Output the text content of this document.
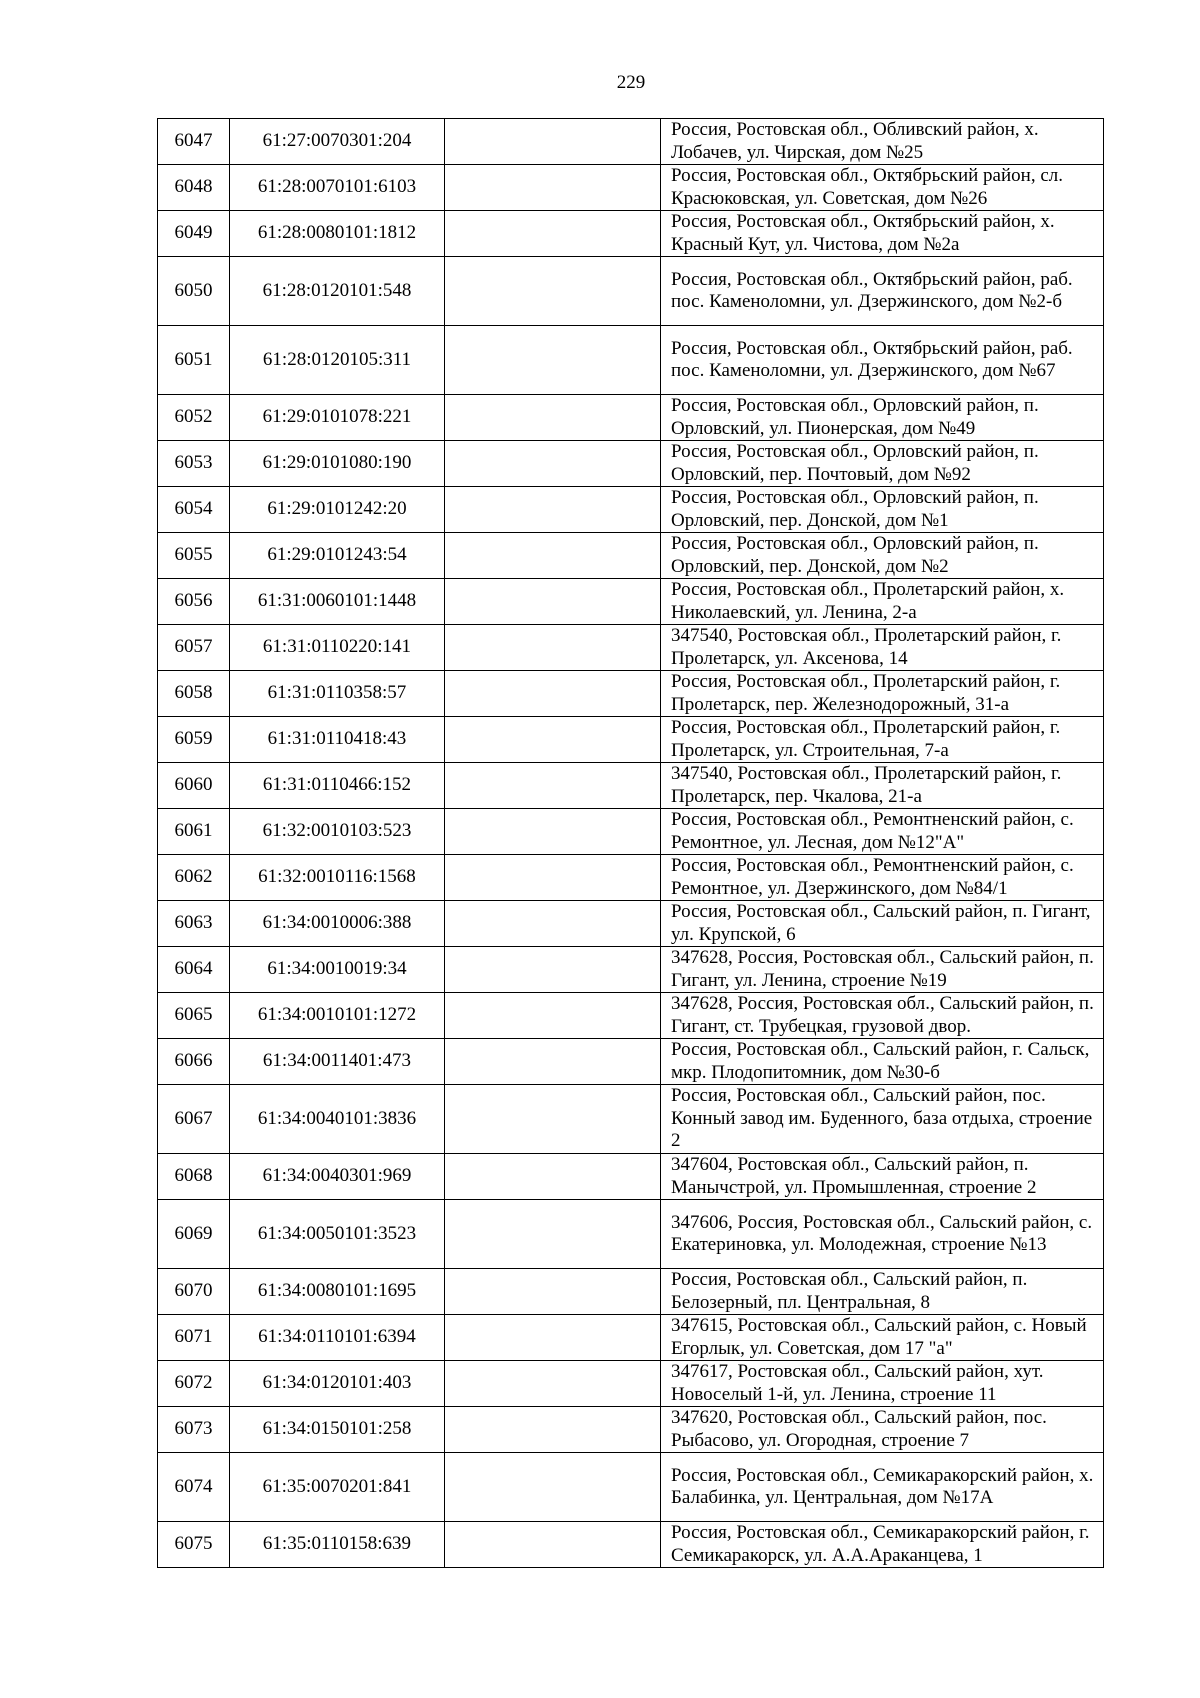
229
6047	61:27:0070301:204		Россия, Ростовская обл., Обливский район, х. Лобачев, ул. Чирская, дом №25
6048	61:28:0070101:6103		Россия, Ростовская обл., Октябрьский район, сл. Красюковская, ул. Советская, дом №26
6049	61:28:0080101:1812		Россия, Ростовская обл., Октябрьский район, х. Красный Кут, ул. Чистова, дом №2а
6050	61:28:0120101:548		Россия, Ростовская обл., Октябрьский район, раб. пос. Каменоломни, ул. Дзержинского, дом №2-б
6051	61:28:0120105:311		Россия, Ростовская обл., Октябрьский район, раб. пос. Каменоломни, ул. Дзержинского, дом №67
6052	61:29:0101078:221		Россия, Ростовская обл., Орловский район, п. Орловский, ул. Пионерская, дом №49
6053	61:29:0101080:190		Россия, Ростовская обл., Орловский район, п. Орловский, пер. Почтовый, дом №92
6054	61:29:0101242:20		Россия, Ростовская обл., Орловский район, п. Орловский, пер. Донской, дом №1
6055	61:29:0101243:54		Россия, Ростовская обл., Орловский район, п. Орловский, пер. Донской, дом №2
6056	61:31:0060101:1448		Россия, Ростовская обл., Пролетарский район, х. Николаевский, ул. Ленина, 2-а
6057	61:31:0110220:141		347540, Ростовская обл., Пролетарский район, г. Пролетарск, ул. Аксенова, 14
6058	61:31:0110358:57		Россия, Ростовская обл., Пролетарский район, г. Пролетарск, пер. Железнодорожный, 31-а
6059	61:31:0110418:43		Россия, Ростовская обл., Пролетарский район, г. Пролетарск, ул. Строительная, 7-а
6060	61:31:0110466:152		347540, Ростовская обл., Пролетарский район, г. Пролетарск, пер. Чкалова, 21-а
6061	61:32:0010103:523		Россия, Ростовская обл., Ремонтненский район, с. Ремонтное, ул. Лесная, дом №12"А"
6062	61:32:0010116:1568		Россия, Ростовская обл., Ремонтненский район, с. Ремонтное, ул. Дзержинского, дом №84/1
6063	61:34:0010006:388		Россия, Ростовская обл., Сальский район, п. Гигант, ул. Крупской, 6
6064	61:34:0010019:34		347628, Россия, Ростовская обл., Сальский район, п. Гигант, ул. Ленина, строение №19
6065	61:34:0010101:1272		347628, Россия, Ростовская обл., Сальский район, п. Гигант, ст. Трубецкая, грузовой двор.
6066	61:34:0011401:473		Россия, Ростовская обл., Сальский район, г. Сальск, мкр. Плодопитомник, дом №30-б
6067	61:34:0040101:3836		Россия, Ростовская обл., Сальский район, пос. Конный завод им. Буденного, база отдыха, строение 2
6068	61:34:0040301:969		347604, Ростовская обл., Сальский район, п. Манычстрой, ул. Промышленная, строение 2
6069	61:34:0050101:3523		347606, Россия, Ростовская обл., Сальский район, с. Екатериновка, ул. Молодежная, строение №13
6070	61:34:0080101:1695		Россия, Ростовская обл., Сальский район, п. Белозерный, пл. Центральная, 8
6071	61:34:0110101:6394		347615, Ростовская обл., Сальский район, с. Новый Егорлык, ул. Советская, дом 17 "а"
6072	61:34:0120101:403		347617, Ростовская обл., Сальский район, хут. Новоселый 1-й, ул. Ленина, строение 11
6073	61:34:0150101:258		347620, Ростовская обл., Сальский район, пос. Рыбасово, ул. Огородная, строение 7
6074	61:35:0070201:841		Россия, Ростовская обл., Семикаракорский район, х. Балабинка, ул. Центральная, дом №17А
6075	61:35:0110158:639		Россия, Ростовская обл., Семикаракорский район, г. Семикаракорск, ул. А.А.Араканцева, 1
